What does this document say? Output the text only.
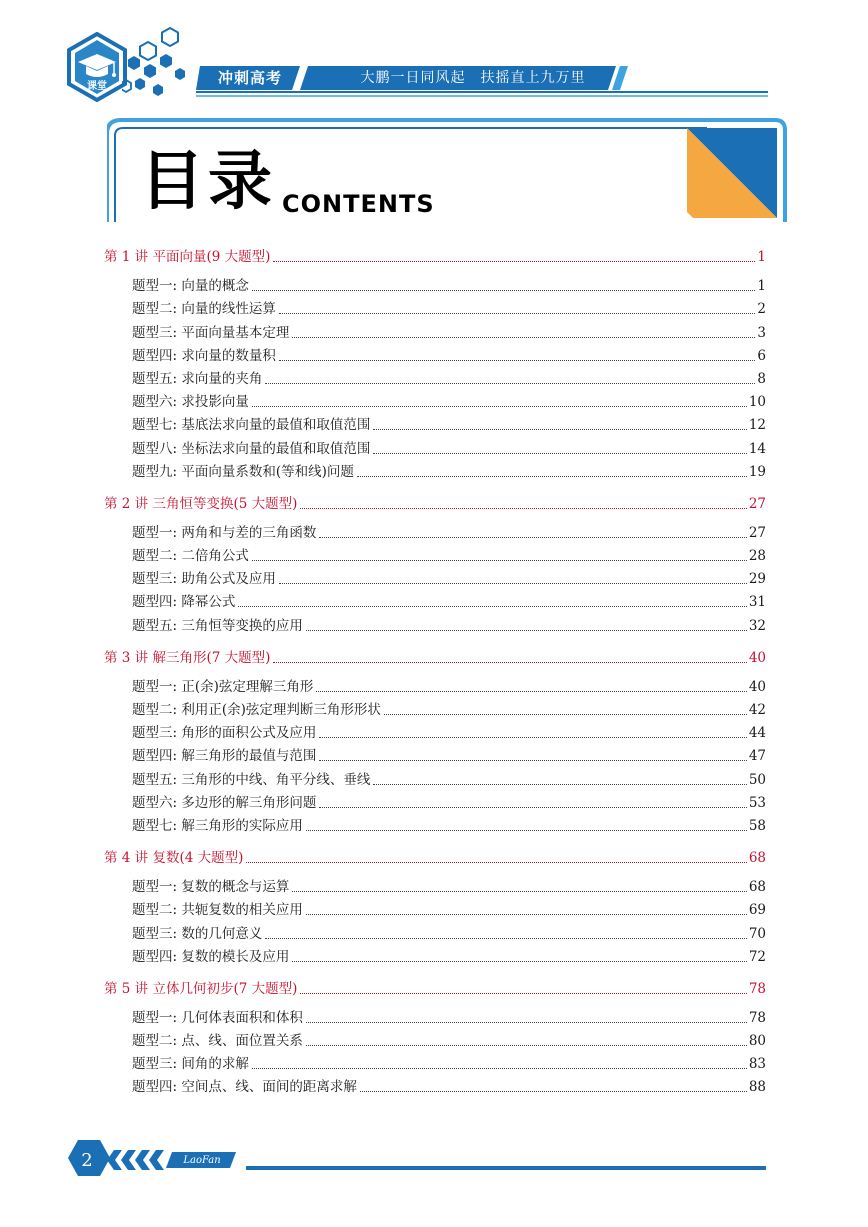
课堂	冲刺高考	大鹏一日同风起　扶摇直上九万里
目录 CONTENTS
第 1 讲 平面向量(9 大题型)	1
题型一: 向量的概念	1
题型二: 向量的线性运算	2
题型三: 平面向量基本定理	3
题型四: 求向量的数量积	6
题型五: 求向量的夹角	8
题型六: 求投影向量	10
题型七: 基底法求向量的最值和取值范围	12
题型八: 坐标法求向量的最值和取值范围	14
题型九: 平面向量系数和(等和线)问题	19
第 2 讲 三角恒等变换(5 大题型)	27
题型一: 两角和与差的三角函数	27
题型二: 二倍角公式	28
题型三: 助角公式及应用	29
题型四: 降幂公式	31
题型五: 三角恒等变换的应用	32
第 3 讲 解三角形(7 大题型)	40
题型一: 正(余)弦定理解三角形	40
题型二: 利用正(余)弦定理判断三角形形状	42
题型三: 角形的面积公式及应用	44
题型四: 解三角形的最值与范围	47
题型五: 三角形的中线、角平分线、垂线	50
题型六: 多边形的解三角形问题	53
题型七: 解三角形的实际应用	58
第 4 讲 复数(4 大题型)	68
题型一: 复数的概念与运算	68
题型二: 共轭复数的相关应用	69
题型三: 数的几何意义	70
题型四: 复数的模长及应用	72
第 5 讲 立体几何初步(7 大题型)	78
题型一: 几何体表面积和体积	78
题型二: 点、线、面位置关系	80
题型三: 间角的求解	83
题型四: 空间点、线、面间的距离求解	88
2	LaoFan
